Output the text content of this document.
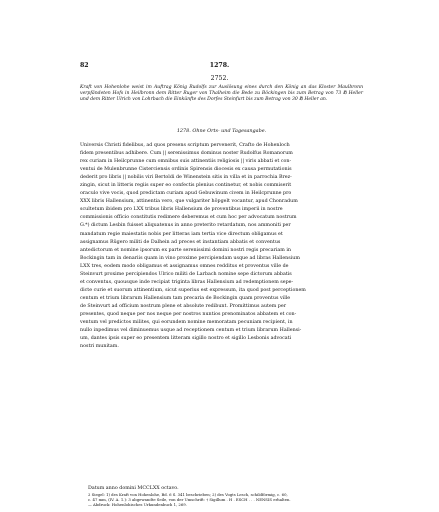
82	1278.
2752.
Kraft von Hohenlohe weist im Auftrag König Rudolfs zur Auslösung eines durch den König an das Kloster Maulbronn verpfändeten Hofs in Heilbronn dem Ritter Ruger von Thalheim die Bede zu Böckingen bis zum Betrag von 73 ℔ Heller und dem Ritter Ulrich von Lohrbach die Einkünfte des Dorfes Steinfurt bis zum Betrag von 30 ℔ Heller an.
1278. Ohne Orts- und Tagesangabe.
Universis Christi fidelibus, ad quos presens scriptum pervenerit, Crafto de Hohenloch
fidem presentibus adhibere. Cum || serenissimus dominus noster Rudolfus Romanorum
rex curiam in Heilcprunne cum omnibus suis attinentiis religiosis || viris abbati et con-
ventui de Mulenbrunne Cisterciensis ordinis Spirensis diocesis ex causa permutationis
dederit pro libris || nobilis viri Bertoldi de Winenstein sitis in villa et in parrochia Brez-
zingin, sicut in litteris regiis super eo confectis plenius continetur, et nobis commiserit
oraculo vive vocis, quod predictam curiam apud Gebuwinum civem in Heilcprunne pro
XXX libris Hallensium, attinentia vero, que vulgariter hôpgelt vocantur, apud Chonradum
scultetum ibidem pro LXX tribus libris Hallensium de proventibus imperii in nostre
commissionis officio constitutis redimere deberemus et cum hoc per advocatum nostrum
G.*) dictum Lesbin fuisset aliquatenus in anno preterito retardatum, nos ammoniti per
mandatum regie maiestatis nobis per litteras iam tertia vice directum obligamus et
assignamus Rûgero militi de Dalhein ad preces et instantiam abbatis et conventus
antedictorum et nomine ipsorum ex parte serenissimi domini nostri regis precariam in
Bockingin tam in denariis quam in vino proxime percipiendam usque ad libras Hallensium
LXX tres, eodem modo obligamus et assignamus omnes redditus et proventus ville de
Steinvurt proxime percipiendos Ulrico militi de Larbach nomine sepe dictorum abbatis
et conventus, quousque inde recipiat triginta libras Hallensium ad redemptionem sepe-
dicte curie et suorum attinentium, sicut superius est expressum, ita quod post perceptionem
centum et trium librarum Hallensium tam precaria de Bockingin quam proventus ville
de Steinvurt ad officium nostrum plene et absolute redibunt. Promittimus autem per
presentes, quod neque per nos neque per nostros nuntios prenominatos abbatem et con-
ventum vel predictos milites, qui eorundem nomine memoratam pecuniam recipient, in
nullo inpedimus vel diminuemus usque ad receptionem centum et trium librarum Hallensi-
um, dantes ipsis super eo presentem litteram sigillo nostro et sigillo Lesbonis advocati
nostri munitam.
Datum anno domini MCCLXX octavo.
2 Siegel: 1) des Kraft von Hohenlohe, Bd. 6 S. 341 beschrieben; 2) des Vogts Lesch, schildförmig, c. 60,
c. 47 mm, (IV. A. 1.): 3 abgewandte Seile, von der Umschrift: † Sigillum . H . ESCH . . . NENSIS erhalten.
— Abdruck: Hohenlohisches Urkundenbuch 1, 269.
